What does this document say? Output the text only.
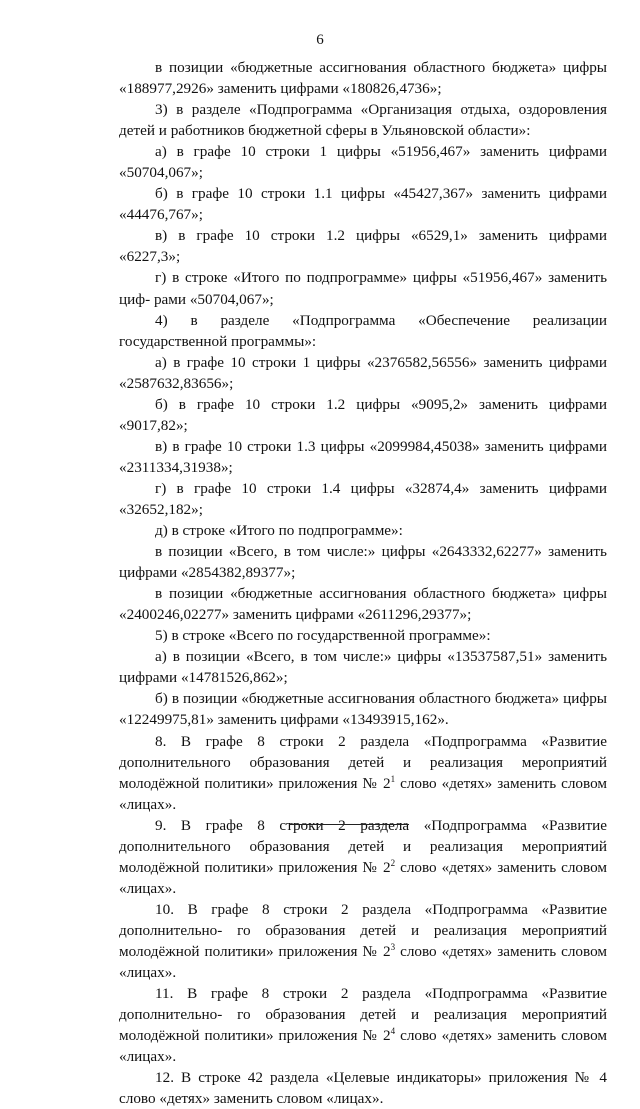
6

в позиции «бюджетные ассигнования областного бюджета» цифры «188977,2926» заменить цифрами «180826,4736»;

3) в разделе «Подпрограмма «Организация отдыха, оздоровления детей и работников бюджетной сферы в Ульяновской области»:

а) в графе 10 строки 1 цифры «51956,467» заменить цифрами «50704,067»;

б) в графе 10 строки 1.1 цифры «45427,367» заменить цифрами «44476,767»;

в) в графе 10 строки 1.2 цифры «6529,1» заменить цифрами «6227,3»;

г) в строке «Итого по подпрограмме» цифры «51956,467» заменить циф- рами «50704,067»;

4) в разделе «Подпрограмма «Обеспечение реализации государственной программы»:

а) в графе 10 строки 1 цифры «2376582,56556» заменить цифрами «2587632,83656»;

б) в графе 10 строки 1.2 цифры «9095,2» заменить цифрами «9017,82»;

в) в графе 10 строки 1.3 цифры «2099984,45038» заменить цифрами «2311334,31938»;

г) в графе 10 строки 1.4 цифры «32874,4» заменить цифрами «32652,182»;

д) в строке «Итого по подпрограмме»:

в позиции «Всего, в том числе:» цифры «2643332,62277» заменить цифрами «2854382,89377»;

в позиции «бюджетные ассигнования областного бюджета» цифры «2400246,02277» заменить цифрами «2611296,29377»;

5) в строке «Всего по государственной программе»:

а) в позиции «Всего, в том числе:» цифры «13537587,51» заменить цифрами «14781526,862»;

б) в позиции «бюджетные ассигнования областного бюджета» цифры «12249975,81» заменить цифрами «13493915,162».

8. В графе 8 строки 2 раздела «Подпрограмма «Развитие дополнительного образования детей и реализация мероприятий молодёжной политики» приложения № $2^1$ слово «детях» заменить словом «лицах».

9. В графе 8 строки 2 раздела «Подпрограмма «Развитие дополнительного образования детей и реализация мероприятий молодёжной политики» приложения № $2^2$ слово «детях» заменить словом «лицах».

10. В графе 8 строки 2 раздела «Подпрограмма «Развитие дополнительно- го образования детей и реализация мероприятий молодёжной политики» приложения № $2^3$ слово «детях» заменить словом «лицах».

11. В графе 8 строки 2 раздела «Подпрограмма «Развитие дополнительно- го образования детей и реализация мероприятий молодёжной политики» приложения № $2^4$ слово «детях» заменить словом «лицах».

12. В строке 42 раздела «Целевые индикаторы» приложения № 4 слово «детях» заменить словом «лицах».
